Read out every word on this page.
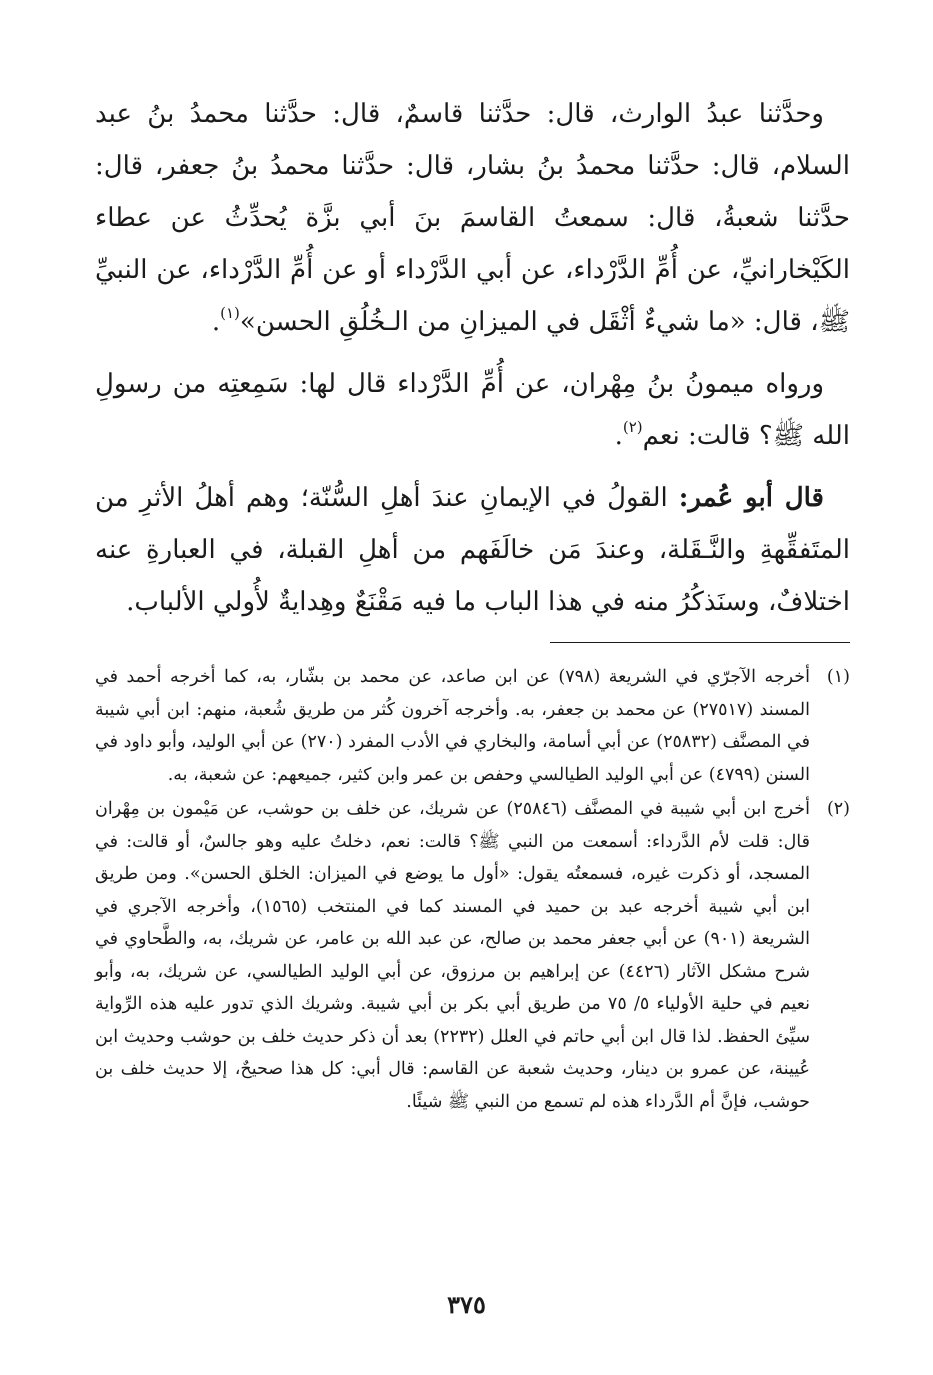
وحدَّثنا عبدُ الوارث، قال: حدَّثنا قاسمٌ، قال: حدَّثنا محمدُ بنُ عبد السلام، قال: حدَّثنا محمدُ بنُ بشار، قال: حدَّثنا محمدُ بنُ جعفر، قال: حدَّثنا شعبةُ، قال: سمعتُ القاسمَ بنَ أبي بزَّة يُحدِّثُ عن عطاء الكَيْخارانيِّ، عن أُمِّ الدَّرْداء، عن أبي الدَّرْداء أو عن أُمِّ الدَّرْداء، عن النبيِّ ﷺ، قال: «ما شيءٌ أثْقَل في الميزانِ من الـخُلُقِ الحسن»$^{(١)}$.

ورواه ميمونُ بنُ مِهْران، عن أُمِّ الدَّرْداء قال لها: سَمِعتِه من رسولِ الله ﷺ؟ قالت: نعم$^{(٢)}$.

قال أبو عُمر: القولُ في الإيمانِ عندَ أهلِ السُّنّة؛ وهم أهلُ الأثرِ من المتَفقِّهةِ والنَّـقَلة، وعندَ مَن خالَفَهم من أهلِ القبلة، في العبارةِ عنه اختلافٌ، وسنَذكُرُ منه في هذا الباب ما فيه مَقْنَعٌ وهِدايةٌ لأُولي الألباب.

(١)أخرجه الآجرّي في الشريعة (٧٩٨) عن ابن صاعد، عن محمد بن بشّار، به، كما أخرجه أحمد في المسند (٢٧٥١٧) عن محمد بن جعفر، به. وأخرجه آخرون كُثر من طريق شُعبة، منهم: ابن أبي شيبة في المصنَّف (٢٥٨٣٢) عن أبي أسامة، والبخاري في الأدب المفرد (٢٧٠) عن أبي الوليد، وأبو داود في السنن (٤٧٩٩) عن أبي الوليد الطيالسي وحفص بن عمر وابن كثير، جميعهم: عن شعبة، به.

(٢)أخرج ابن أبي شيبة في المصنَّف (٢٥٨٤٦) عن شريك، عن خلف بن حوشب، عن مَيْمون بن مِهْران قال: قلت لأم الدَّرداء: أسمعت من النبي ﷺ؟ قالت: نعم، دخلتُ عليه وهو جالسٌ، أو قالت: في المسجد، أو ذكرت غيره، فسمعتُه يقول: «أول ما يوضع في الميزان: الخلق الحسن». ومن طريق ابن أبي شيبة أخرجه عبد بن حميد في المسند كما في المنتخب (١٥٦٥)، وأخرجه الآجري في الشريعة (٩٠١) عن أبي جعفر محمد بن صالح، عن عبد الله بن عامر، عن شريك، به، والطَّحاوي في شرح مشكل الآثار (٤٤٢٦) عن إبراهيم بن مرزوق، عن أبي الوليد الطيالسي، عن شريك، به، وأبو نعيم في حلية الأولياء ٥/ ٧٥ من طريق أبي بكر بن أبي شيبة. وشريك الذي تدور عليه هذه الرِّواية سيِّئ الحفظ. لذا قال ابن أبي حاتم في العلل (٢٢٣٢) بعد أن ذكر حديث خلف بن حوشب وحديث ابن عُيينة، عن عمرو بن دينار، وحديث شعبة عن القاسم: قال أبي: كل هذا صحيحٌ، إلا حديث خلف بن حوشب، فإنَّ أم الدَّرداء هذه لم تسمع من النبي ﷺ شيئًا.

٣٧٥
